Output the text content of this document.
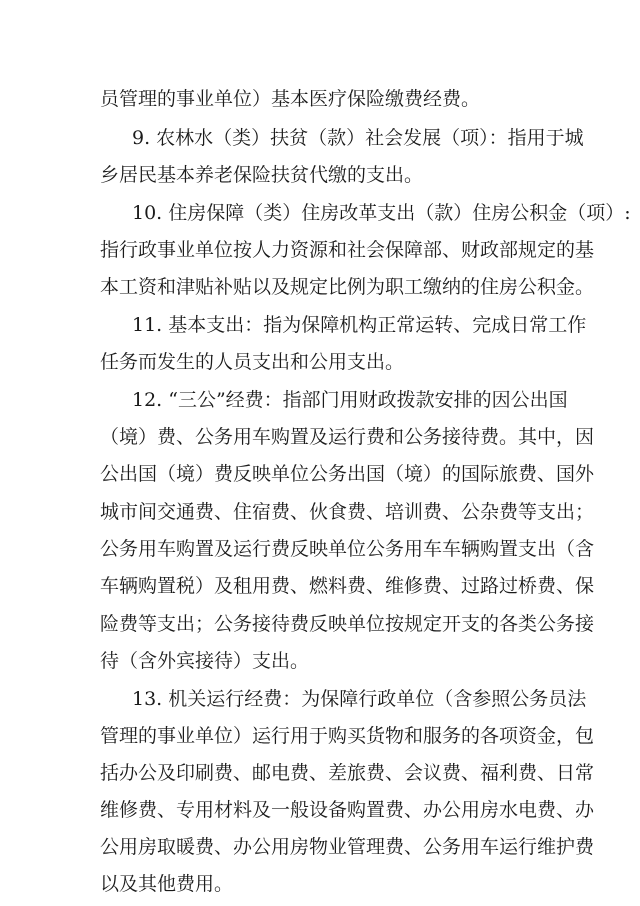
员管理的事业单位）基本医疗保险缴费经费。
9. 农林水（类）扶贫（款）社会发展（项）：指用于城
乡居民基本养老保险扶贫代缴的支出。
10. 住房保障（类）住房改革支出（款）住房公积金（项）:
指行政事业单位按人力资源和社会保障部、财政部规定的基
本工资和津贴补贴以及规定比例为职工缴纳的住房公积金。
11. 基本支出：指为保障机构正常运转、完成日常工作
任务而发生的人员支出和公用支出。
12. “三公”经费：指部门用财政拨款安排的因公出国
（境）费、公务用车购置及运行费和公务接待费。其中，因
公出国（境）费反映单位公务出国（境）的国际旅费、国外
城市间交通费、住宿费、伙食费、培训费、公杂费等支出；
公务用车购置及运行费反映单位公务用车车辆购置支出（含
车辆购置税）及租用费、燃料费、维修费、过路过桥费、保
险费等支出；公务接待费反映单位按规定开支的各类公务接
待（含外宾接待）支出。
13. 机关运行经费：为保障行政单位（含参照公务员法
管理的事业单位）运行用于购买货物和服务的各项资金，包
括办公及印刷费、邮电费、差旅费、会议费、福利费、日常
维修费、专用材料及一般设备购置费、办公用房水电费、办
公用房取暖费、办公用房物业管理费、公务用车运行维护费
以及其他费用。
